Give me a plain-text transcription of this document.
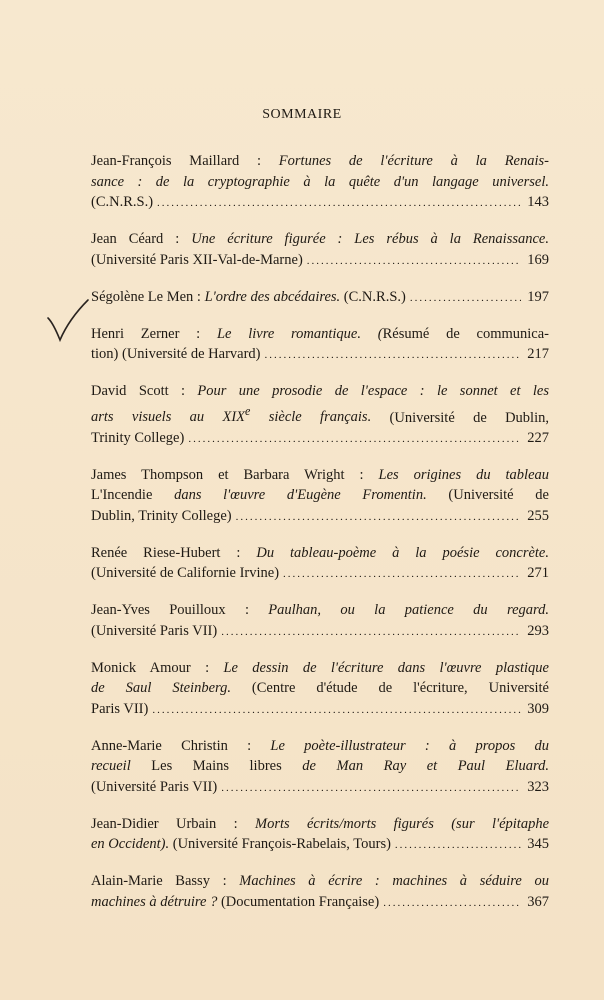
SOMMAIRE
Jean-François Maillard : Fortunes de l'écriture à la Renais-
sance : de la cryptographie à la quête d'un langage universel.
(C.N.R.S.) .....	143
Jean Céard : Une écriture figurée : Les rébus à la Renaissance.
(Université Paris XII-Val-de-Marne) .....	169
Ségolène Le Men : L'ordre des abcédaires. (C.N.R.S.) .....	197
Henri Zerner : Le livre romantique. (Résumé de communica-
tion) (Université de Harvard) .....	217
David Scott : Pour une prosodie de l'espace : le sonnet et les
arts visuels au XIXe siècle français. (Université de Dublin,
Trinity College) .....	227
James Thompson et Barbara Wright : Les origines du tableau
L'Incendie dans l'œuvre d'Eugène Fromentin. (Université de
Dublin, Trinity College) .....	255
Renée Riese-Hubert : Du tableau-poème à la poésie concrète.
(Université de Californie Irvine) .....	271
Jean-Yves Pouilloux : Paulhan, ou la patience du regard.
(Université Paris VII) .....	293
Monick Amour : Le dessin de l'écriture dans l'œuvre plastique
de Saul Steinberg. (Centre d'étude de l'écriture, Université
Paris VII) .....	309
Anne-Marie Christin : Le poète-illustrateur : à propos du
recueil Les Mains libres de Man Ray et Paul Eluard.
(Université Paris VII) .....	323
Jean-Didier Urbain : Morts écrits/morts figurés (sur l'épitaphe
en Occident). (Université François-Rabelais, Tours) .....	345
Alain-Marie Bassy : Machines à écrire : machines à séduire ou
machines à détruire ? (Documentation Française) .....	367
